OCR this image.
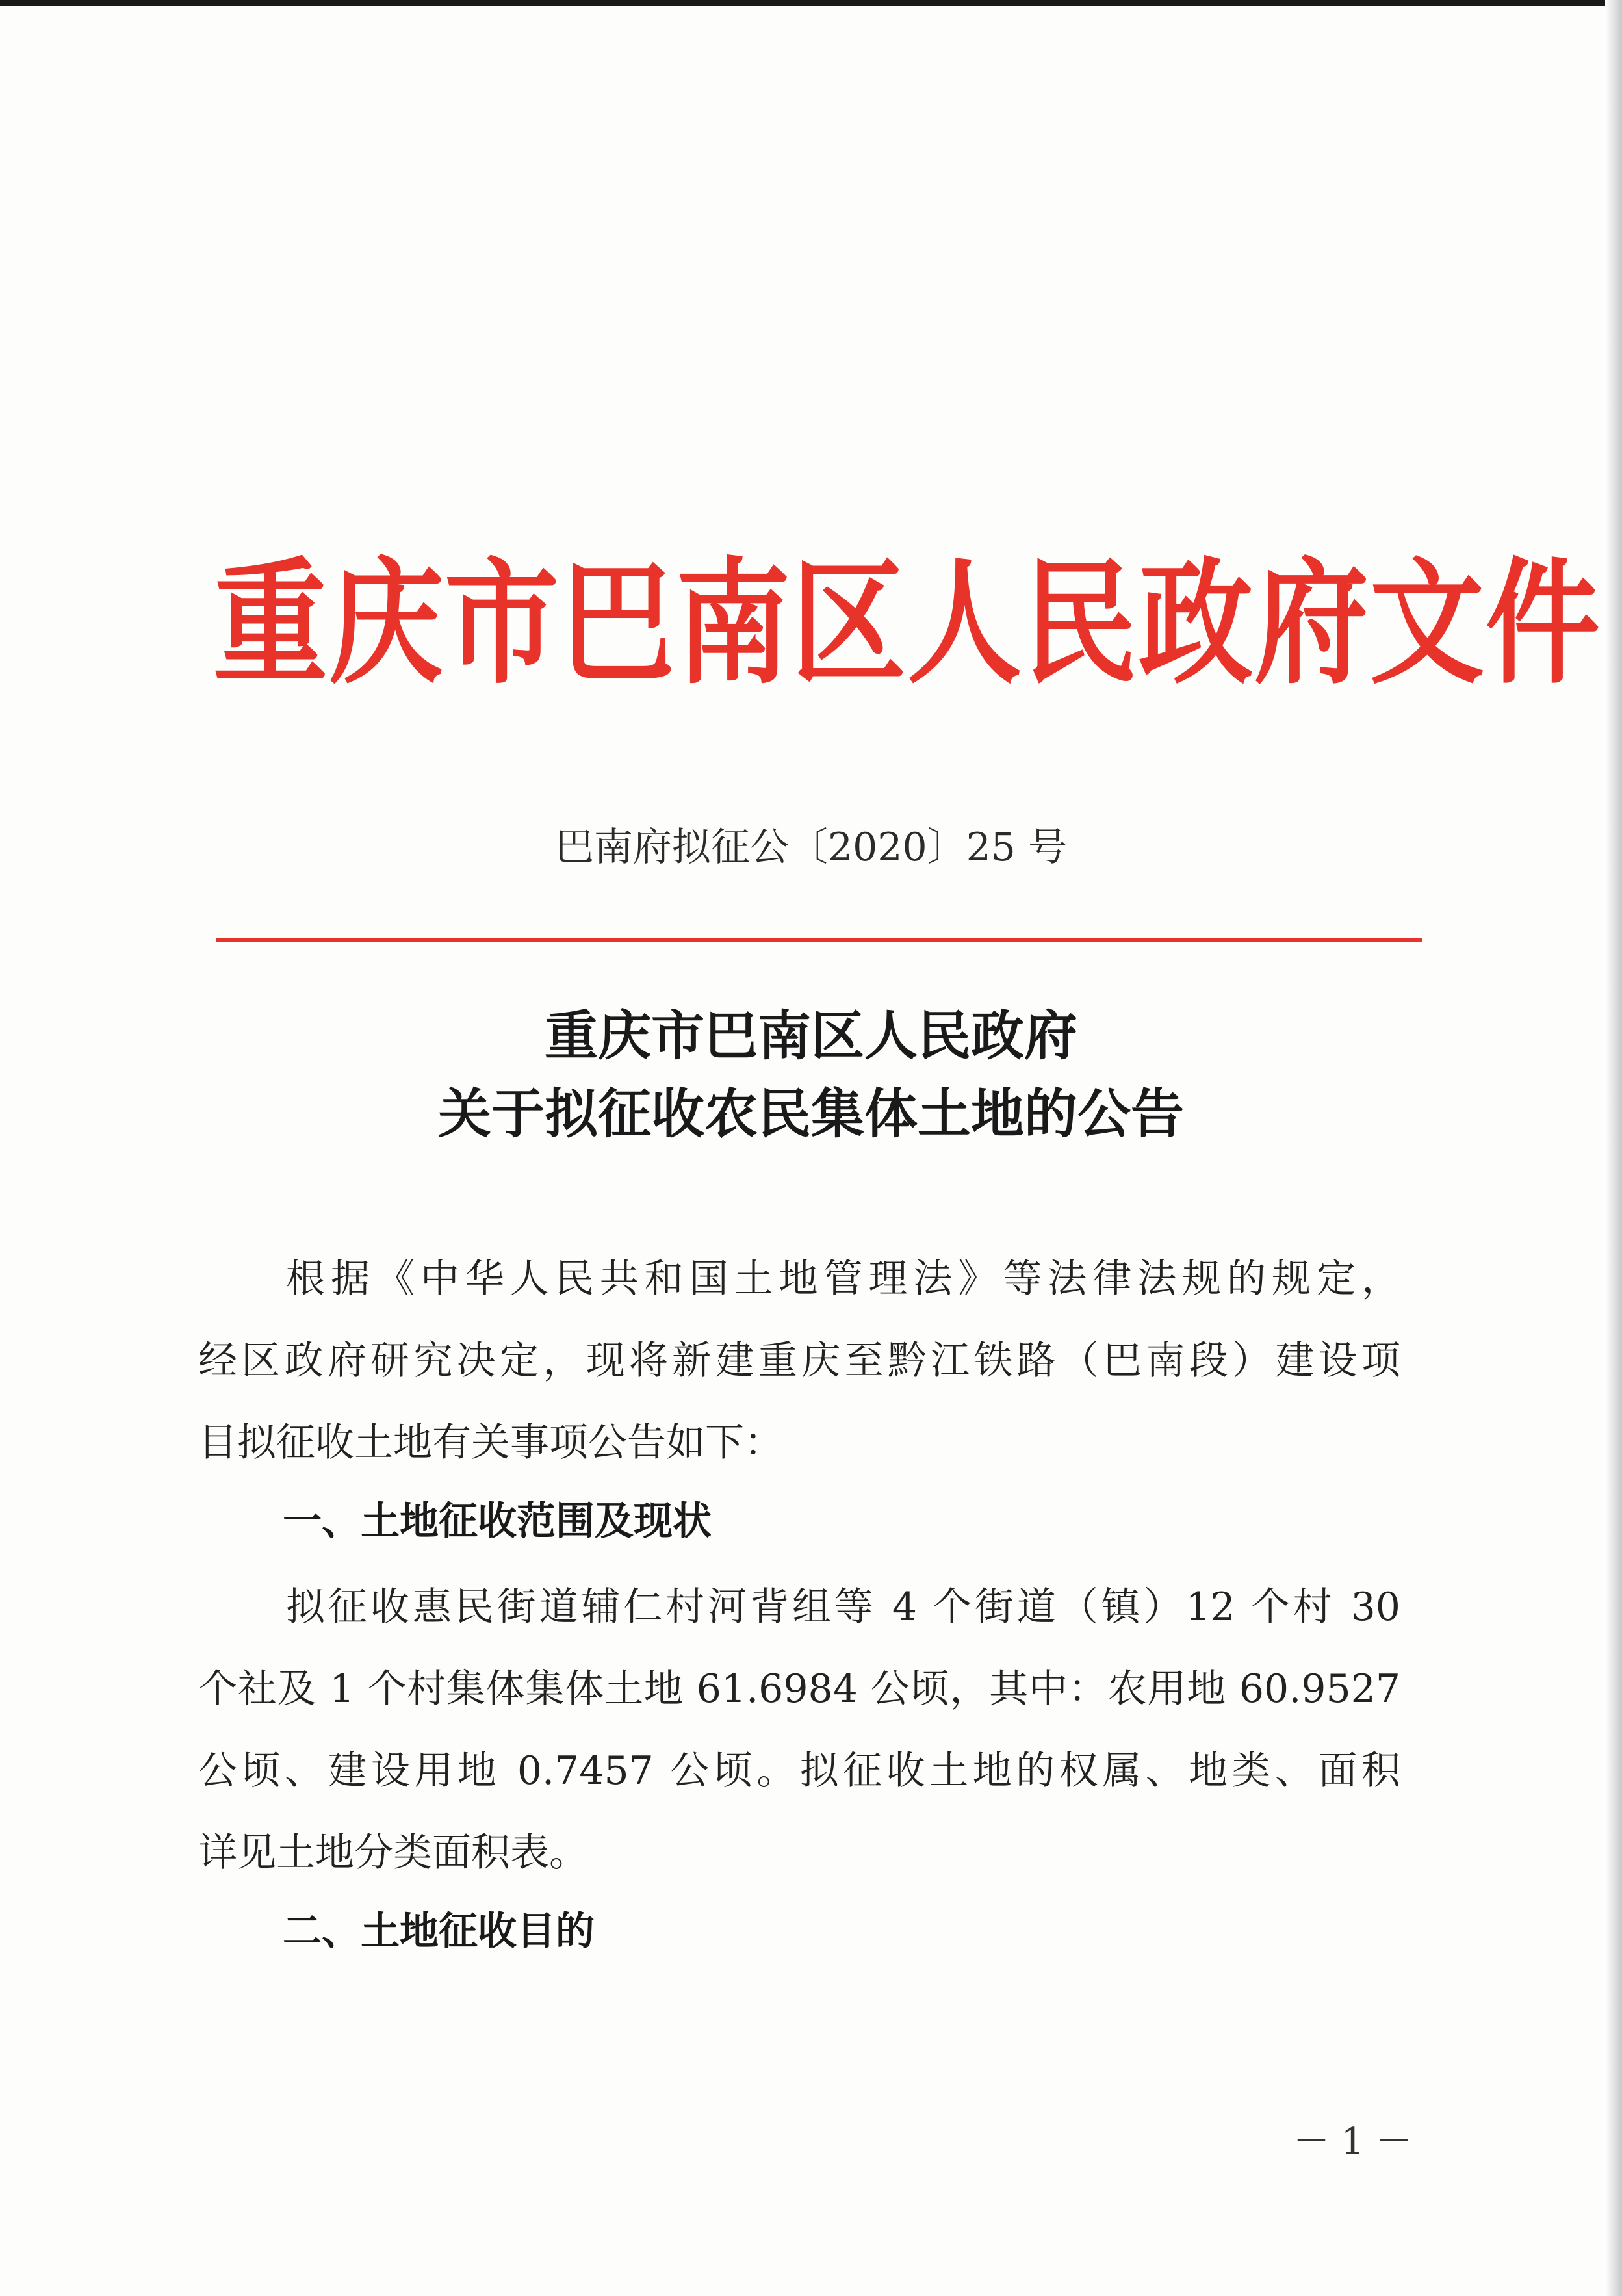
重庆市巴南区人民政府文件
巴南府拟征公〔2020〕25 号
重庆市巴南区人民政府
关于拟征收农民集体土地的公告
根据《中华人民共和国土地管理法》等法律法规的规定，
经区政府研究决定，现将新建重庆至黔江铁路（巴南段）建设项
目拟征收土地有关事项公告如下：
一、土地征收范围及现状
拟征收惠民街道辅仁村河背组等 4 个街道（镇）12 个村 30
个社及 1 个村集体集体土地 61.6984 公顷，其中：农用地 60.9527
公顷、建设用地 0.7457 公顷。拟征收土地的权属、地类、面积
详见土地分类面积表。
二、土地征收目的
－ 1 －
